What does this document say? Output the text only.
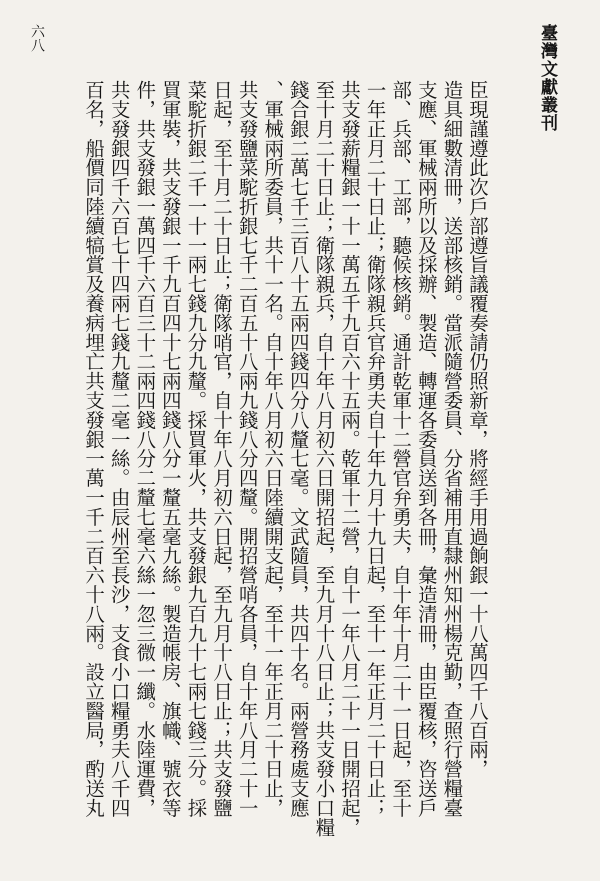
臺灣文獻叢刊
六八

臣現謹遵此次戶部遵旨議覆奏請仍照新章，將經手用過餉銀一十八萬四千八百兩，

造具細數清冊，送部核銷。當派隨營委員、分省補用直隸州知州楊克勤，查照行營糧臺

支應、軍械兩所以及採辦、製造、轉運各委員送到各冊，彙造清冊，由臣覆核，咨送戶

部、兵部、工部，聽候核銷。通計乾軍十二營官弁勇夫，自十年十月二十一日起，至十

一年正月二十日止；衛隊親兵官弁勇夫自十年九月十九日起，至十一年正月二十日止；

共支發薪糧銀一十一萬五千九百六十五兩。乾軍十二營，自十一年八月二十一日開招起，

至十月二十日止；衛隊親兵，自十年八月初六日開招起，至九月十八日止；共支發小口糧

錢合銀二萬七千三百八十五兩四錢四分八釐七毫。文武隨員，共四十名。兩營務處支應

、軍械兩所委員，共十一名。自十年八月初六日陸續開支起，至十一年正月二十日止，

共支發鹽菜駝折銀七千二百五十八兩九錢八分四釐。開招營哨各員，自十年八月二十一

日起，至十月二十日止；衛隊哨官，自十年八月初六日起，至九月十八日止；共支發鹽

菜駝折銀二千一十一兩七錢九分九釐。採買軍火，共支發銀九百九十七兩七錢三分。採

買軍裝，共支發銀一千九百四十七兩四錢八分一釐五毫九絲。製造帳房、旗幟、號衣等

件，共支發銀一萬四千六百三十二兩四錢八分二釐七毫六絲一忽三微一纖。水陸運費，

共支發銀四千六百七十四兩七錢九釐二毫一絲。由辰州至長沙，支食小口糧勇夫八千四

百名，船價同陸續犒賞及養病埋亡共支發銀一萬一千二百六十八兩。設立醫局，酌送丸
